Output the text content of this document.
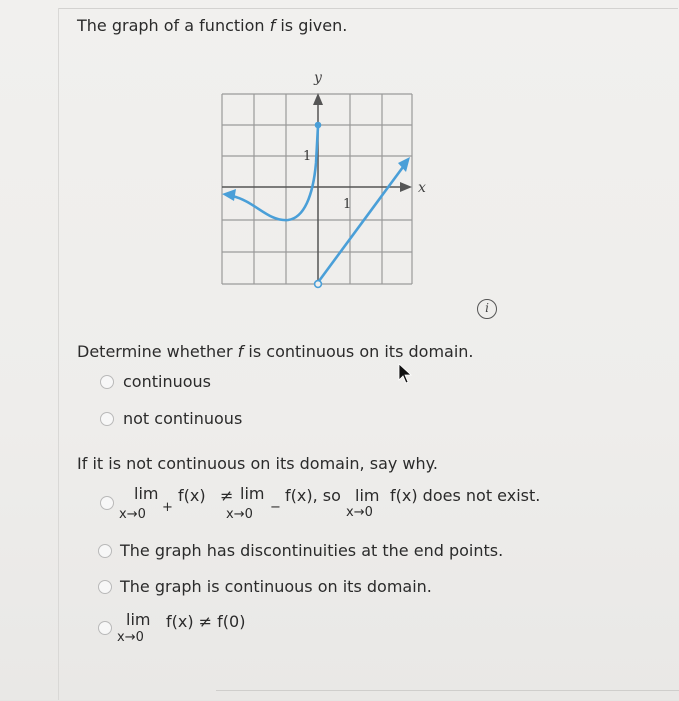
The graph of a function f is given.
y
x
1
1
i
Determine whether f is continuous on its domain.
continuous
not continuous
If it is not continuous on its domain, say why.
lim
x→0 +
f(x) ≠ lim
x→0 −
f(x), so lim
x→0
f(x) does not exist.
The graph has discontinuities at the end points.
The graph is continuous on its domain.
lim
x→0
f(x) ≠ f(0)
